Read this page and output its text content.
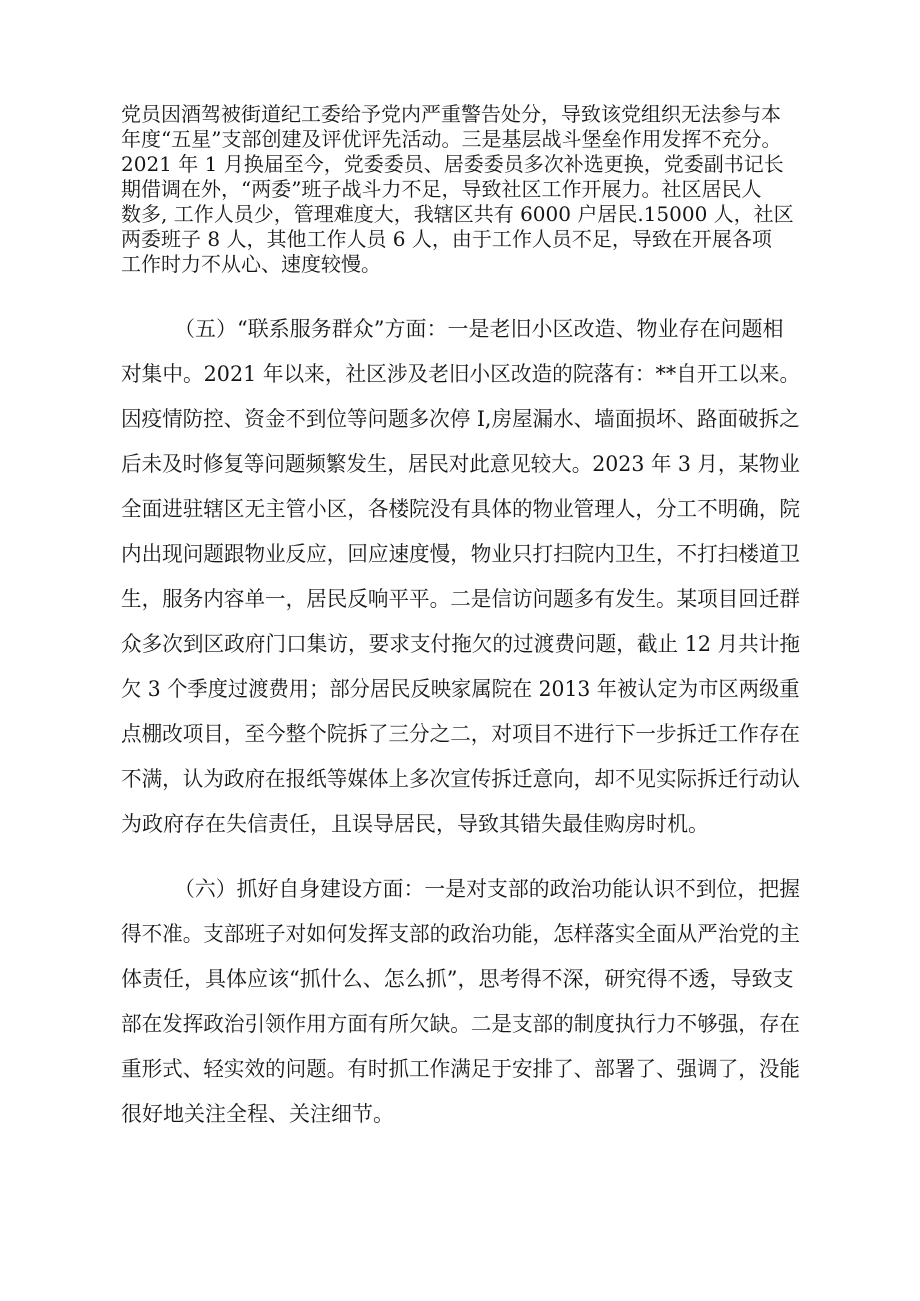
党员因酒驾被街道纪工委给予党内严重警告处分，导致该党组织无法参与本
年度“五星”支部创建及评优评先活动。三是基层战斗堡垒作用发挥不充分。
2021 年 1 月换届至今，党委委员、居委委员多次补选更换，党委副书记长
期借调在外，“两委”班子战斗力不足，导致社区工作开展力。社区居民人
数多, 工作人员少，管理难度大，我辖区共有 6000 户居民.15000 人，社区
两委班子 8 人，其他工作人员 6 人，由于工作人员不足，导致在开展各项
工作时力不从心、速度较慢。
（五）“联系服务群众”方面：一是老旧小区改造、物业存在问题相
对集中。2021 年以来，社区涉及老旧小区改造的院落有：**自开工以来。
因疫情防控、资金不到位等问题多次停 I,房屋漏水、墙面损坏、路面破拆之
后未及时修复等问题频繁发生，居民对此意见较大。2023 年 3 月，某物业
全面进驻辖区无主管小区，各楼院没有具体的物业管理人，分工不明确，院
内出现问题跟物业反应，回应速度慢，物业只打扫院内卫生，不打扫楼道卫
生，服务内容单一，居民反响平平。二是信访问题多有发生。某项目回迁群
众多次到区政府门口集访，要求支付拖欠的过渡费问题，截止 12 月共计拖
欠 3 个季度过渡费用；部分居民反映家属院在 2013 年被认定为市区两级重
点棚改项目，至今整个院拆了三分之二，对项目不进行下一步拆迁工作存在
不满，认为政府在报纸等媒体上多次宣传拆迁意向，却不见实际拆迁行动认
为政府存在失信责任，且误导居民，导致其错失最佳购房时机。
（六）抓好自身建设方面：一是对支部的政治功能认识不到位，把握
得不准。支部班子对如何发挥支部的政治功能，怎样落实全面从严治党的主
体责任，具体应该“抓什么、怎么抓”，思考得不深，研究得不透，导致支
部在发挥政治引领作用方面有所欠缺。二是支部的制度执行力不够强，存在
重形式、轻实效的问题。有时抓工作满足于安排了、部署了、强调了，没能
很好地关注全程、关注细节。
